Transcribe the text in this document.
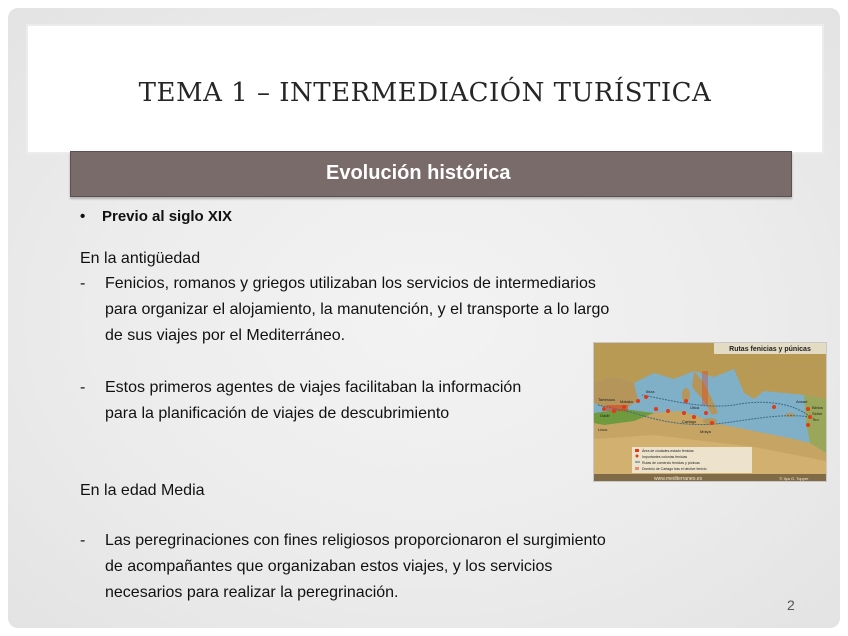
TEMA 1 – INTERMEDIACIÓN TURÍSTICA
Evolución histórica
• Previo al siglo XIX
En la antigüedad
- Fenicios, romanos y griegos utilizaban los servicios de intermediarios para organizar el alojamiento, la manutención, y el transporte a lo largo de sus viajes por el Mediterráneo.
- Estos primeros agentes de viajes facilitaban la información para la planificación de viajes de descubrimiento
En la edad Media
- Las peregrinaciones con fines religiosos proporcionaron el surgimiento de acompañantes que organizaban estos viajes, y los servicios necesarios para realizar la peregrinación.
Rutas fenicias y púnicas
Área de ciudades-estado fenicias
Importantes colonias fenicias
Rutas de comercio fenicias y púnicas
Dominio de Cartago tras el declive fenicio
www.mediterraneo.es	© Ilya G. Topper
Tartessos
Gadir
Malaka
Ibiza
Cartago	Tiro
Sidón
Biblos
Arwad
Útica
Motya
Lixus
2
